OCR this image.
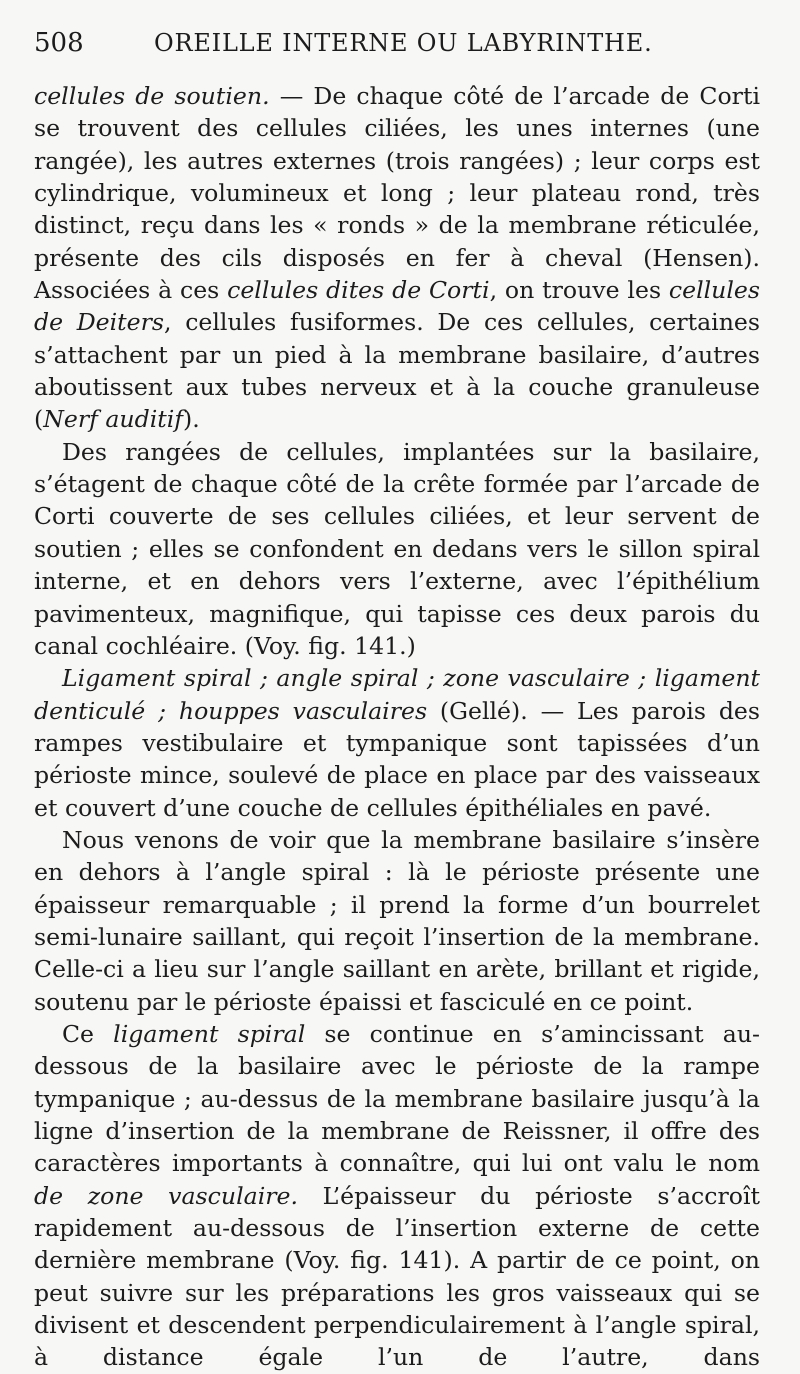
508	OREILLE INTERNE OU LABYRINTHE.

cellules de soutien. — De chaque côté de l’arcade de Corti se trouvent des cellules ciliées, les unes internes (une rangée), les autres externes (trois rangées) ; leur corps est cylindrique, volumineux et long ; leur plateau rond, très distinct, reçu dans les « ronds » de la membrane réticulée, présente des cils disposés en fer à cheval (Hensen). Associées à ces cellules dites de Corti, on trouve les cellules de Deiters, cellules fusiformes. De ces cellules, certaines s’attachent par un pied à la membrane basilaire, d’autres aboutissent aux tubes nerveux et à la couche granuleuse (Nerf auditif).

Des rangées de cellules, implantées sur la basilaire, s’étagent de chaque côté de la crête formée par l’arcade de Corti couverte de ses cellules ciliées, et leur servent de soutien ; elles se confondent en dedans vers le sillon spiral interne, et en dehors vers l’externe, avec l’épithélium pavimenteux, magnifique, qui tapisse ces deux parois du canal cochléaire. (Voy. fig. 141.)

Ligament spiral ; angle spiral ; zone vasculaire ; ligament denticulé ; houppes vasculaires (Gellé). — Les parois des rampes vestibulaire et tympanique sont tapissées d’un périoste mince, soulevé de place en place par des vaisseaux et couvert d’une couche de cellules épithéliales en pavé.

Nous venons de voir que la membrane basilaire s’insère en dehors à l’angle spiral : là le périoste présente une épaisseur remarquable ; il prend la forme d’un bourrelet semi-lunaire saillant, qui reçoit l’insertion de la membrane. Celle-ci a lieu sur l’angle saillant en arète, brillant et rigide, soutenu par le périoste épaissi et fasciculé en ce point.

Ce ligament spiral se continue en s’amincissant au-dessous de la basilaire avec le périoste de la rampe tympanique ; au-dessus de la membrane basilaire jusqu’à la ligne d’insertion de la membrane de Reissner, il offre des caractères importants à connaître, qui lui ont valu le nom de zone vasculaire. L’épaisseur du périoste s’accroît rapidement au-dessous de l’insertion externe de cette dernière membrane (Voy. fig. 141). A partir de ce point, on peut suivre sur les préparations les gros vaisseaux qui se divisent et descendent perpendiculairement à l’angle spiral, à distance égale l’un de l’autre, dans
